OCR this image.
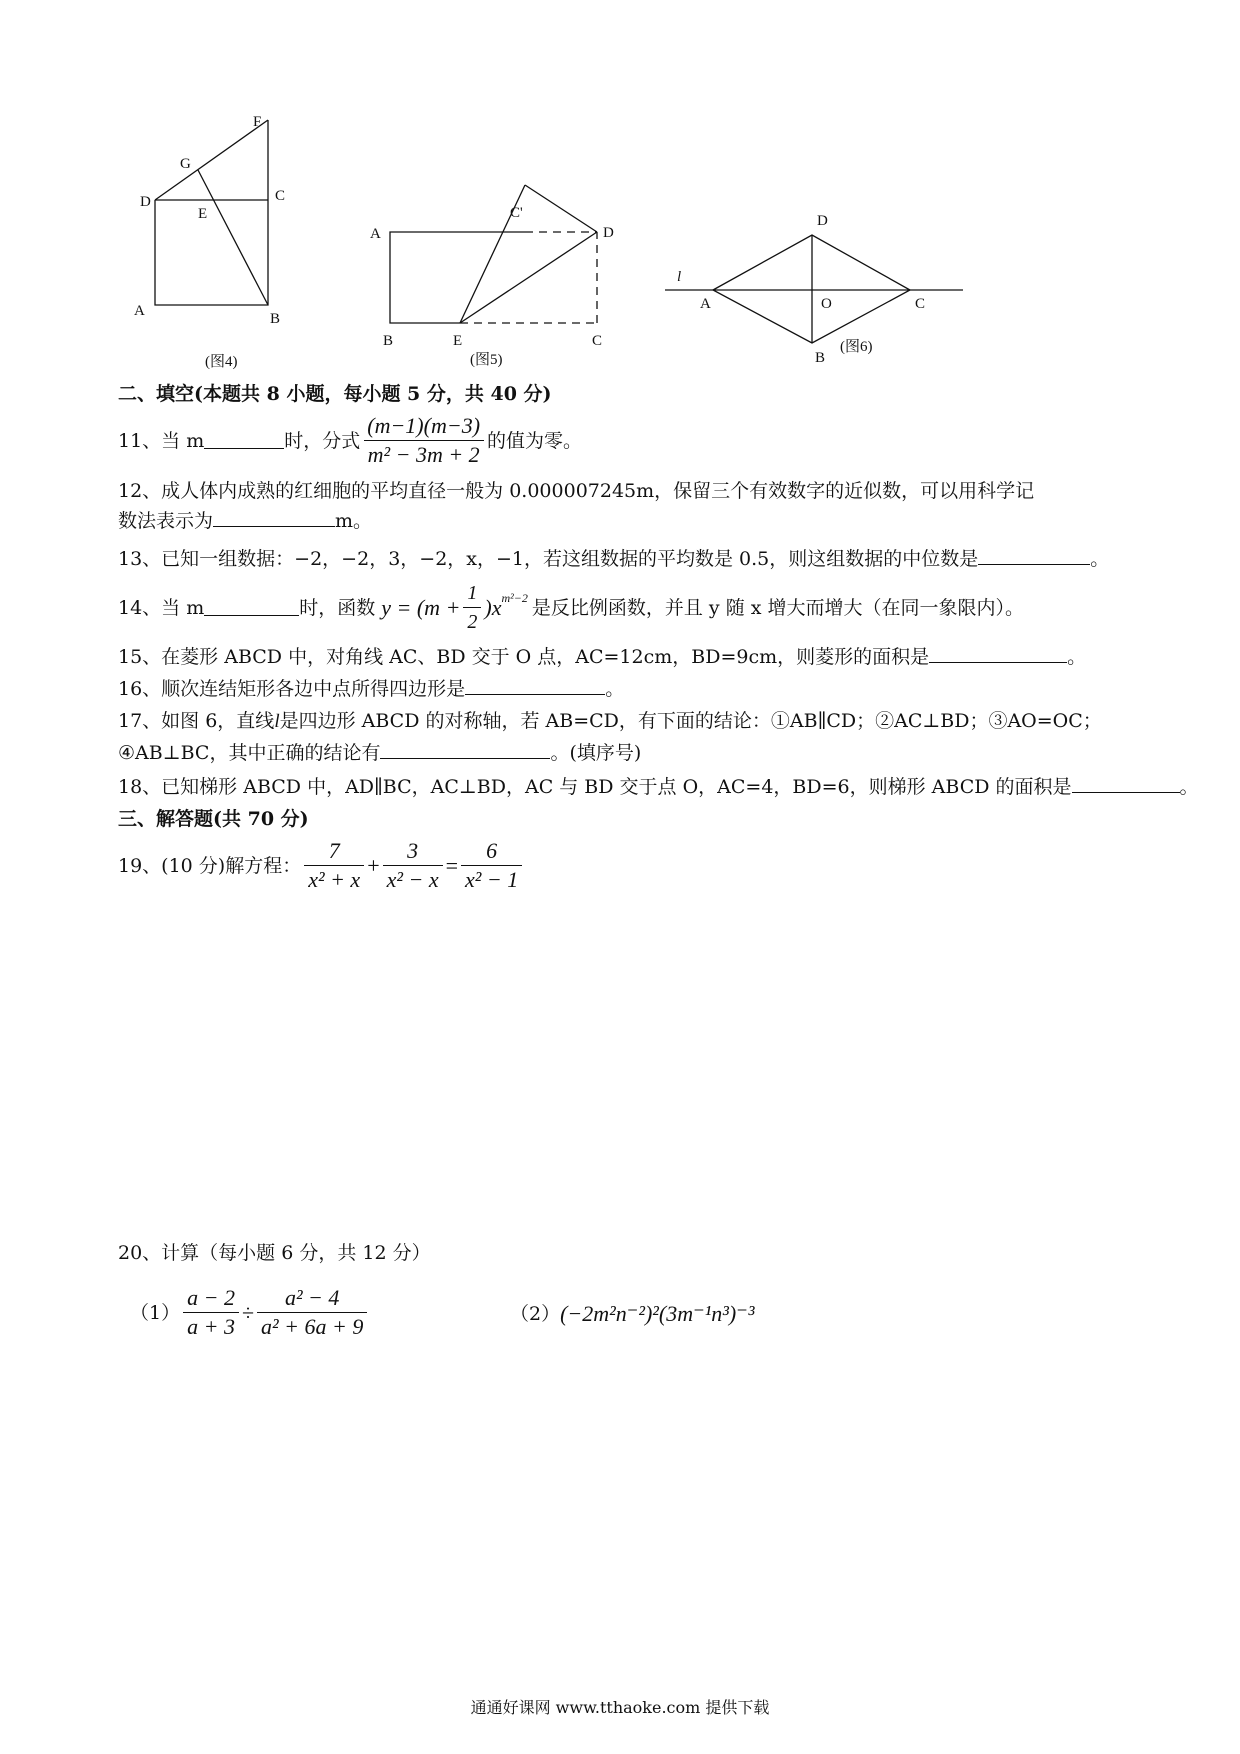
F
G
D
E
C
A	B
(图4)
A
C'
D
B	E	C
(图5)
l
A
D
O	C
B
(图6)
二、填空(本题共 8 小题，每小题 5 分，共 40 分)
11、当 m	时，分式 $\frac{(m-1)(m-3)}{\text{m² − 3m + 2}}$ 的值为零。
12、成人体内成熟的红细胞的平均直径一般为 0.000007245m，保留三个有效数字的近似数，可以用科学记
数法表示为	m。
13、已知一组数据：−2，−2，3，−2，x，−1，若这组数据的平均数是 0.5，则这组数据的中位数是	。
14、当 m	时，函数 $y = (m + \frac{1}{2} )x^{m^2-2}$ 是反比例函数，并且 y 随 x 增大而增大（在同一象限内）。
15、在菱形 ABCD 中，对角线 AC、BD 交于 O 点，AC=12cm，BD=9cm，则菱形的面积是	。
16、顺次连结矩形各边中点所得四边形是	。
17、如图 6，直线l是四边形 ABCD 的对称轴，若 AB=CD，有下面的结论：①AB∥CD；②AC⊥BD；③AO=OC；
④AB⊥BC，其中正确的结论有	。(填序号)
18、已知梯形 ABCD 中，AD∥BC，AC⊥BD，AC 与 BD 交于点 O，AC=4，BD=6，则梯形 ABCD 的面积是	。
三、解答题(共 70 分)
19、(10 分)解方程： $\frac{7}{\text{x² + x}} + \frac{3}{\text{x² − x}} = \frac{6}{\text{x² − 1}}$
20、计算（每小题 6 分，共 12 分）
$(1) \frac{a - 2}{a + 3} \div \frac{\text{a² − 4}}{\text{a² + 6a + 9}}$	（2） (−2m²n⁻²)²(3m⁻¹n³)⁻³
通通好课网 www.tthaoke.com 提供下载
